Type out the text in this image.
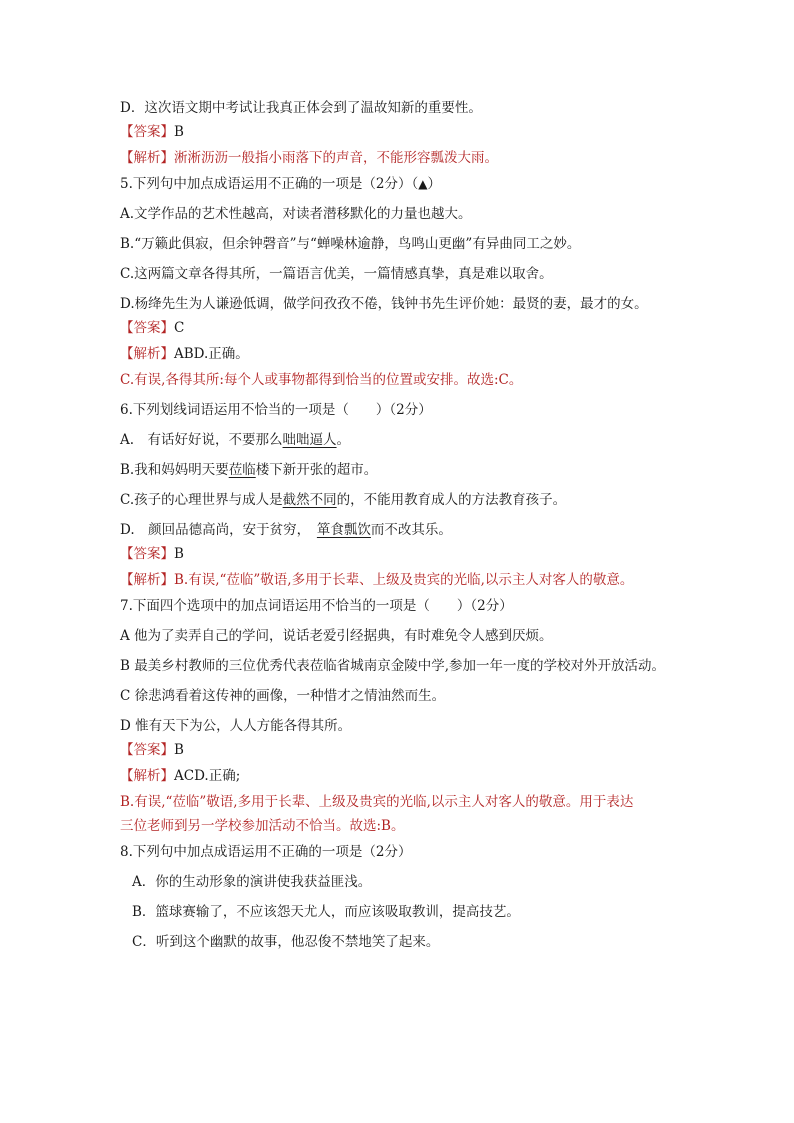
D．这次语文期中考试让我真正体会到了温故知新的重要性。
【答案】B
【解析】淅淅沥沥一般指小雨落下的声音，不能形容瓢泼大雨。
5.下列句中加点成语运用不正确的一项是（2分）（▲）
A.文学作品的艺术性越高，对读者潜移默化的力量也越大。
B.“万籁此俱寂，但余钟磬音”与“蝉噪林逾静，鸟鸣山更幽”有异曲同工之妙。
C.这两篇文章各得其所，一篇语言优美，一篇情感真挚，真是难以取舍。
D.杨绛先生为人谦逊低调，做学问孜孜不倦，钱钟书先生评价她：最贤的妻，最才的女。
【答案】C
【解析】ABD.正确。
C.有误,各得其所:每个人或事物都得到恰当的位置或安排。故选:C。
6.下列划线词语运用不恰当的一项是（　　）（2分）
A.　有话好好说，不要那么咄咄逼人。
B.我和妈妈明天要莅临楼下新开张的超市。
C.孩子的心理世界与成人是截然不同的，不能用教育成人的方法教育孩子。
D.　颜回品德高尚，安于贫穷，　箪食瓢饮而不改其乐。
【答案】B
【解析】B.有误,“莅临”敬语,多用于长辈、上级及贵宾的光临,以示主人对客人的敬意。
7.下面四个选项中的加点词语运用不恰当的一项是（　　）（2分）
A 他为了卖弄自己的学问，说话老爱引经据典，有时难免令人感到厌烦。
B 最美乡村教师的三位优秀代表莅临省城南京金陵中学,参加一年一度的学校对外开放活动。
C 徐悲鸿看着这传神的画像，一种惜才之情油然而生。
D 惟有天下为公，人人方能各得其所。
【答案】B
【解析】ACD.正确;
B.有误,“莅临”敬语,多用于长辈、上级及贵宾的光临,以示主人对客人的敬意。用于表达
三位老师到另一学校参加活动不恰当。故选:B。
8.下列句中加点成语运用不正确的一项是（2分）
A．你的生动形象的演讲使我获益匪浅。
B．篮球赛输了，不应该怨天尤人，而应该吸取教训，提高技艺。
C．听到这个幽默的故事，他忍俊不禁地笑了起来。
